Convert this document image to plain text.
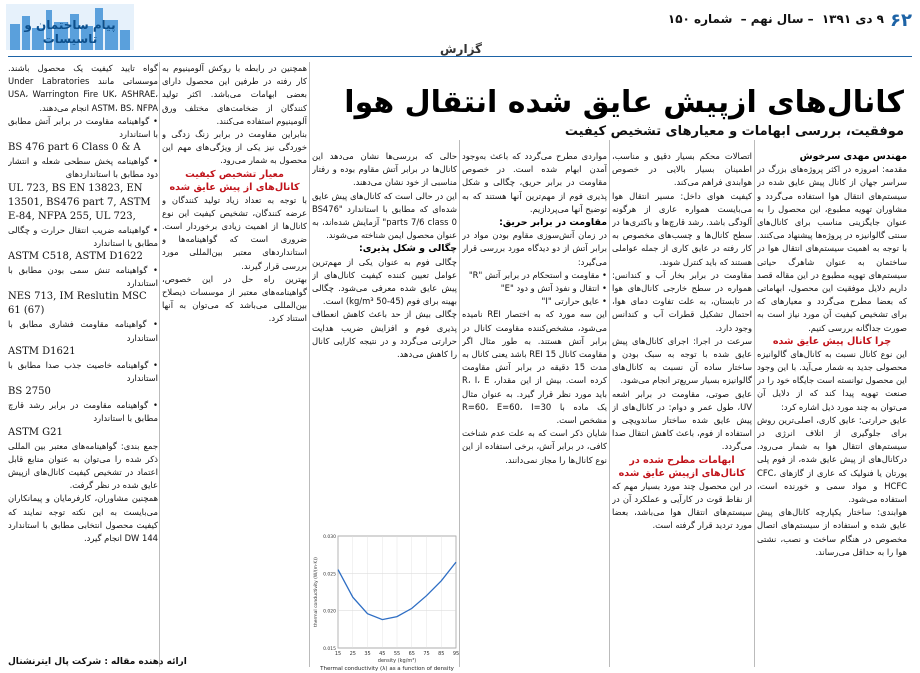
۶۲
۹ دی ۱۳۹۱ – سال نهم – شماره ۱۵۰
گزارش
پیام ساختمان و تاسیسات
کانال‌های ازپیش عایق شده انتقال هوا
موفقیت، بررسی ابهامات و معیارهای تشخیص کیفیت

مهندس مهدی سرخوش

مقدمه: امروزه در اکثر پروژه‌های بزرگ در سراسر جهان از کانال پیش عایق شده در سیستم‌های انتقال هوا استفاده می‌گردد و مشاوران تهویه مطبوع، این محصول را به عنوان جایگزینی مناسب برای کانال‌های سنتی گالوانیزه در پروژه‌ها پیشنهاد می‌کنند. با توجه به اهمیت سیستم‌های انتقال هوا در ساختمان به عنوان شاهرگ حیاتی سیستم‌های تهویه مطبوع در این مقاله قصد داریم دلایل موفقیت این محصول، ابهاماتی که بعضا مطرح می‌گردد و معیارهای که برای تشخیص کیفیت آن مورد نیاز است به صورت جداگانه بررسی کنیم.

چرا کانال پیش عایق شده

این نوع کانال نسبت به کانال‌های گالوانیزه محصولی جدید به شمار می‌آید. با این وجود این محصول توانسته است جایگاه خود را در صنعت تهویه پیدا کند که از دلایل آن می‌توان به چند مورد ذیل اشاره کرد:

عایق حرارتی: عایق کاری، اصلی‌ترین روش برای جلوگیری از اتلاف انرژی در سیستم‌های انتقال هوا به شمار می‌رود. درکانال‌های از پیش عایق شده، از فوم پلی یورتان یا فنولیک که عاری از گازهای CFC، HCFC و مواد سمی و خورنده است، استفاده می‌شود.

هوابندی: ساختار یکپارچه کانال‌های پیش عایق شده و استفاده از سیستم‌های اتصال مخصوص در هنگام ساخت و نصب، نشتی هوا را به حداقل می‌رساند.

اتصالات محکم بسیار دقیق و مناسب، اطمینان بسیار بالایی در خصوص هوابندی فراهم می‌کند.

کیفیت هوای داخل: مسیر انتقال هوا می‌بایست همواره عاری از هرگونه آلودگی باشد. رشد قارچ‌ها و باکتری‌ها در سطح کانال‌ها و چسب‌های مخصوص به کار رفته در عایق کاری از جمله عواملی هستند که باید کنترل شوند.

مقاومت در برابر بخار آب و کندانس: همواره در سطح خارجی کانال‌های هوا در تابستان، به علت تفاوت دمای هوا، احتمال تشکیل قطرات آب و کندانس وجود دارد.

سرعت در اجرا: اجرای کانال‌های پیش عایق شده با توجه به سبک بودن و ساختار ساده آن نسبت به کانال‌های گالوانیزه بسیار سریع‌تر انجام می‌شود.

عایق صوتی، مقاومت در برابر اشعه UV، طول عمر و دوام: در کانال‌های از پیش عایق شده ساختار ساندویچی و استفاده از فوم، باعث کاهش انتقال صدا می‌گردد.

ابهامات مطرح شده در کانال‌های ازپیش عایق شده

در این محصول چند مورد بسیار مهم که از نقاط قوت در کارآیی و عملکرد آن در سیستم‌های انتقال هوا می‌باشد، بعضا مورد تردید قرار گرفته است.

مواردی مطرح می‌گردد که باعث به‌وجود آمدن ابهام شده است. در خصوص مقاومت در برابر حریق، چگالی و شکل پذیری فوم از مهم‌ترین آنها هستند که به توضیح آنها می‌پردازیم.

مقاومت در برابر حریق:

در زمان آتش‌سوزی مقاوم بودن مواد در برابر آتش از دو دیدگاه مورد بررسی قرار می‌گیرد:

• مقاومت و استحکام در برابر آتش "R"

• انتقال و نفوذ آتش و دود "E"

• عایق حرارتی "I"

این سه مورد که به اختصار REI نامیده می‌شود، مشخص‌کننده مقاومت کانال در برابر آتش هستند. به طور مثال اگر مقاومت کانال REI 15 باشد یعنی کانال به مدت 15 دقیقه در برابر آتش مقاومت کرده است. بیش از این مقدار، R، I، E باید مورد نظر قرار گیرد. به عنوان مثال یک ماده با R=60، E=60، I=30 مشخص است.

شایان ذکر است که به علت عدم شناخت کافی، در برابر آتش، برخی استفاده از این نوع کانال‌ها را مجاز نمی‌دانند.

حالی که بررسی‌ها نشان می‌دهد این کانال‌ها در برابر آتش مقاوم بوده و رفتار مناسبی از خود نشان می‌دهند.

این در حالی است که کانال‌های پیش عایق شده‌ای که مطابق با استاندارد "BS476 parts 7/6 class 0" آزمایش شده‌اند، به عنوان محصول ایمن شناخته می‌شوند.

چگالی و شکل پذیری:

چگالی فوم به عنوان یکی از مهم‌ترین عوامل تعیین کننده کیفیت کانال‌های از پیش عایق شده معرفی می‌شود. چگالی بهینه برای فوم (45-50 kg/m³) است.

چگالی بیش از حد باعث کاهش انعطاف پذیری فوم و افزایش ضریب هدایت حرارتی می‌گردد و در نتیجه کارایی کانال را کاهش می‌دهد.

همچنین در رابطه با روکش آلومینیوم به کار رفته در طرفین این محصول دارای بعضی ابهامات می‌باشد. اکثر تولید کنندگان از ضخامت‌های مختلف ورق آلومینیوم استفاده می‌کنند.

بنابراین مقاومت در برابر زنگ زدگی و خوردگی نیز یکی از ویژگی‌های مهم این محصول به شمار می‌رود.

معیار تشخیص کیفیت کانال‌های از پیش عایق شده

با توجه به تعداد زیاد تولید کنندگان و عرضه کنندگان، تشخیص کیفیت این نوع کانال‌ها از اهمیت زیادی برخوردار است. ضروری است که گواهینامه‌ها و استانداردهای معتبر بین‌المللی مورد بررسی قرار گیرند.

بهترین راه حل در این خصوص، گواهینامه‌های معتبر از موسسات ذیصلاح بین‌المللی می‌باشد که می‌توان به آنها استناد کرد.

گواه تایید کیفیت یک محصول باشند. موسساتی مانند Under Labratories USA، Warrington Fire UK، ASHRAE، ASTM، BS، NFPA انجام می‌دهند.

• گواهینامه مقاومت در برابر آتش مطابق با استاندارد

BS 476 part 6 Class 0 & A

• گواهینامه پخش سطحی شعله و انتشار دود مطابق با استانداردهای

UL 723, BS EN 13823, EN 13501, BS476 part 7, ASTM E-84, NFPA 255, UL 723,

• گواهینامه ضریب انتقال حرارت و چگالی مطابق با استاندارد

ASTM C518, ASTM D1622

• گواهینامه تنش سمی بودن مطابق با استاندارد

NES 713, IM Reslutin MSC 61 (67)

• گواهینامه مقاومت فشاری مطابق با استاندارد

ASTM D1621

• گواهینامه خاصیت جذب صدا مطابق با استاندارد

BS 2750

• گواهینامه مقاومت در برابر رشد قارچ مطابق با استاندارد

ASTM G21

جمع بندی: گواهینامه‌های معتبر بین المللی ذکر شده را می‌توان به عنوان منابع قابل اعتماد در تشخیص کیفیت کانال‌های ازپیش عایق شده در نظر گرفت.

همچنین مشاوران، کارفرمایان و پیمانکاران می‌بایست به این نکته توجه نمایند که کیفیت محصول انتخابی مطابق با استاندارد 144 DW انجام گیرد.	0.030
0.025
0.020
0.015
15 25 35 45 55 65 75 85 95
density (kg/m³)
thermal conductivity (W/(m·K))
Thermal conductivity (λ) as a function of density
ارائه دهنده مقاله : شرکت پال ایترنشنال
